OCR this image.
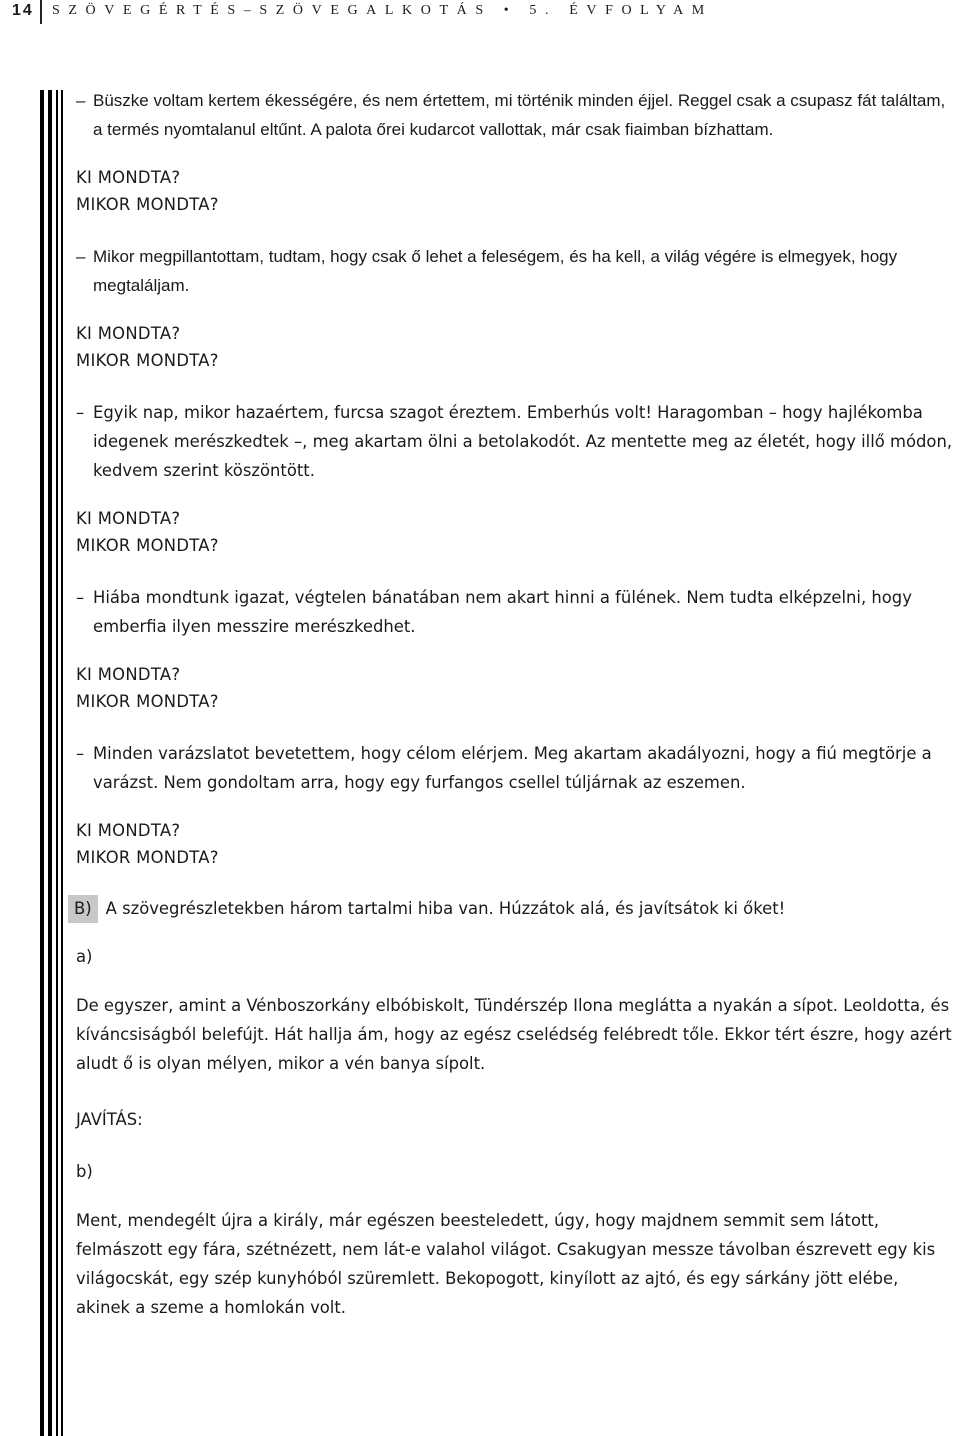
14 SZÖVEGÉRTÉS–SZÖVEGALKOTÁS • 5. ÉVFOLYAM

– Büszke voltam kertem ékességére, és nem értettem, mi történik minden éjjel. Reggel csak a csupasz fát találtam, a termés nyomtalanul eltűnt. A palota őrei kudarcot vallottak, már csak fiaimban bízhattam.

KI MONDTA?

MIKOR MONDTA?

– Mikor megpillantottam, tudtam, hogy csak ő lehet a feleségem, és ha kell, a világ végére is elmegyek, hogy megtaláljam.

KI MONDTA?

MIKOR MONDTA?

– Egyik nap, mikor hazaértem, furcsa szagot éreztem. Emberhús volt! Haragomban – hogy hajlékomba idegenek merészkedtek –, meg akartam ölni a betolakodót. Az mentette meg az életét, hogy illő módon, kedvem szerint köszöntött.

KI MONDTA?

MIKOR MONDTA?

– Hiába mondtunk igazat, végtelen bánatában nem akart hinni a fülének. Nem tudta elképzelni, hogy emberfia ilyen messzire merészkedhet.

KI MONDTA?

MIKOR MONDTA?

– Minden varázslatot bevetettem, hogy célom elérjem. Meg akartam akadályozni, hogy a fiú megtörje a varázst. Nem gondoltam arra, hogy egy furfangos csellel túljárnak az eszemen.

KI MONDTA?

MIKOR MONDTA?

B) A szövegrészletekben három tartalmi hiba van. Húzzátok alá, és javítsátok ki őket!

a)

De egyszer, amint a Vénboszorkány elbóbiskolt, Tündérszép Ilona meglátta a nyakán a sípot. Leoldotta, és kíváncsiságból belefújt. Hát hallja ám, hogy az egész cselédség felébredt tőle. Ekkor tért észre, hogy azért aludt ő is olyan mélyen, mikor a vén banya sípolt.

JAVÍTÁS:

b)

Ment, mendegélt újra a király, már egészen beesteledett, úgy, hogy majdnem semmit sem látott, felmászott egy fára, szétnézett, nem lát-e valahol világot. Csakugyan messze távolban észrevett egy kis világocskát, egy szép kunyhóból szüremlett. Bekopogott, kinyílott az ajtó, és egy sárkány jött elébe, akinek a szeme a homlokán volt.
